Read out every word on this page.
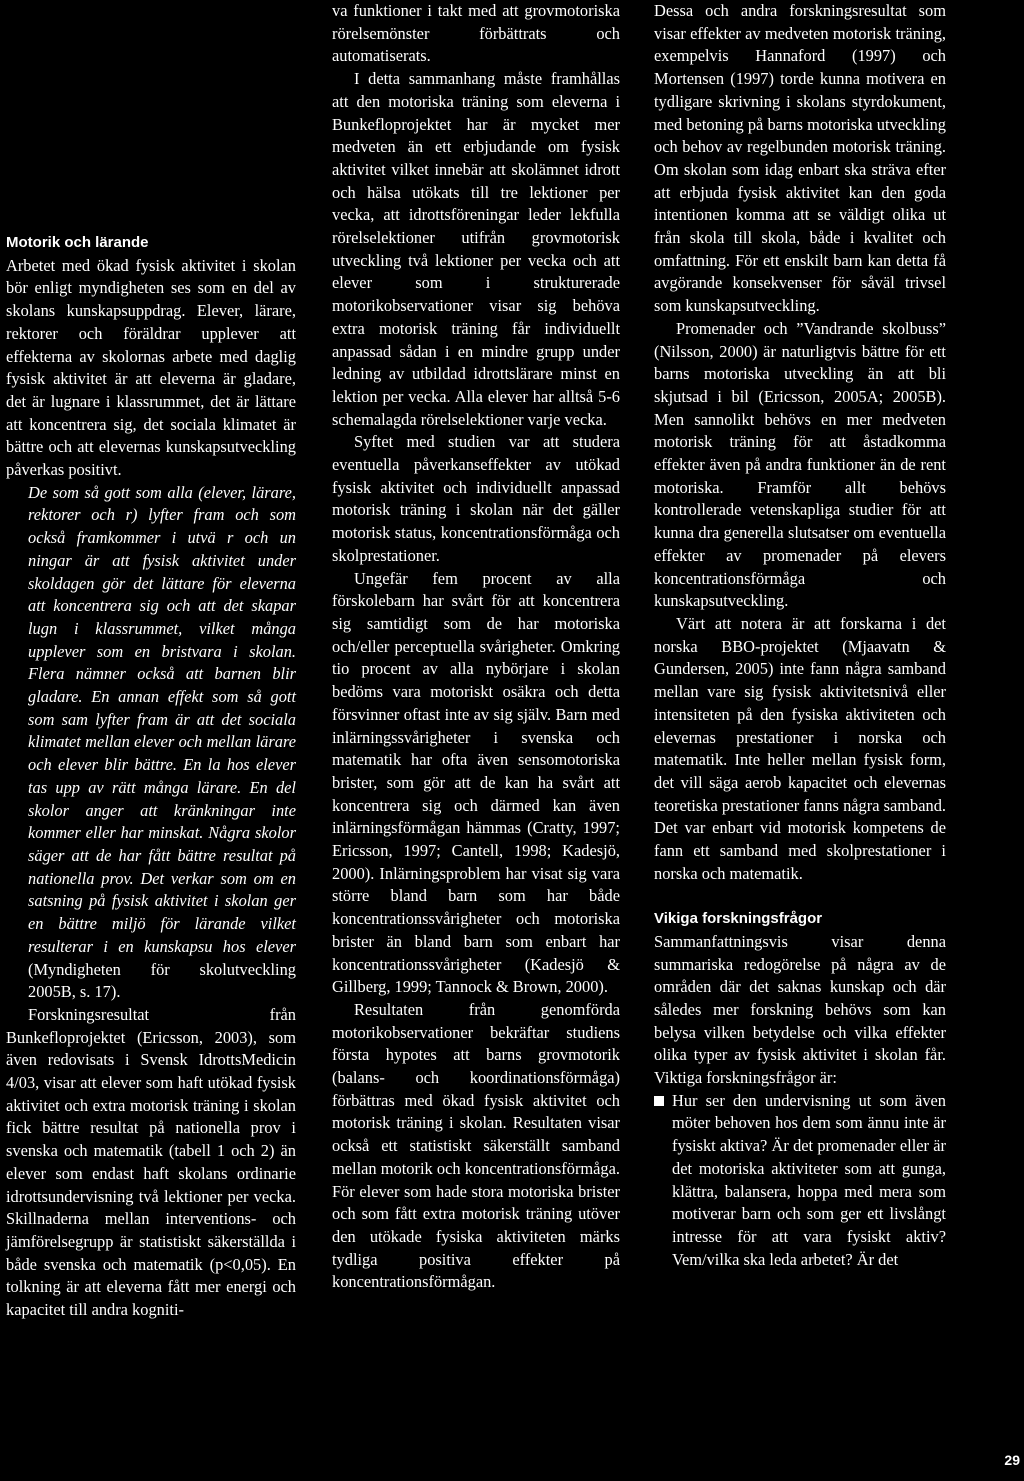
Motorik och lärande

Arbetet med ökad fysisk aktivitet i skolan bör enligt myndigheten ses som en del av skolans kunskapsuppdrag. Elever, lärare, rektorer och föräldrar upplever att effekterna av skolornas arbete med daglig fysisk aktivitet är att eleverna är gladare, det är lugnare i klassrummet, det är lättare att koncentrera sig, det sociala klimatet är bättre och att elevernas kunskapsutveckling påverkas positivt.

De som så gott som alla (elever, lärare, rektorer och r) lyfter fram och som också framkommer i utvä r och un ningar är att fysisk aktivitet under skoldagen gör det lättare för eleverna att koncentrera sig och att det skapar lugn i klassrummet, vilket många upplever som en bristvara i skolan. Flera nämner också att barnen blir gladare. En annan effekt som så gott som sam lyfter fram är att det sociala klimatet mellan elever och mellan lärare och elever blir bättre. En la hos elever tas upp av rätt många lärare. En del skolor anger att kränkningar inte kommer eller har minskat. Några skolor säger att de har fått bättre resultat på nationella prov. Det verkar som om en satsning på fysisk aktivitet i skolan ger en bättre miljö för lärande vilket resulterar i en kunskapsu hos elever (Myndigheten för skolutveckling 2005B, s. 17).

Forskningsresultat från Bunkefloprojektet (Ericsson, 2003), som även redovisats i Svensk IdrottsMedicin 4/03, visar att elever som haft utökad fysisk aktivitet och extra motorisk träning i skolan fick bättre resultat på nationella prov i svenska och matematik (tabell 1 och 2) än elever som endast haft skolans ordinarie idrottsundervisning två lektioner per vecka. Skillnaderna mellan interventions- och jämförelsegrupp är statistiskt säkerställda i både svenska och matematik (p<0,05). En tolkning är att eleverna fått mer energi och kapacitet till andra kogniti-

va funktioner i takt med att grovmotoriska rörelsemönster förbättrats och automatiserats.

I detta sammanhang måste framhållas att den motoriska träning som eleverna i Bunkefloprojektet har är mycket mer medveten än ett erbjudande om fysisk aktivitet vilket innebär att skolämnet idrott och hälsa utökats till tre lektioner per vecka, att idrottsföreningar leder lekfulla rörelselektioner utifrån grovmotorisk utveckling två lektioner per vecka och att elever som i strukturerade motorikobservationer visar sig behöva extra motorisk träning får individuellt anpassad sådan i en mindre grupp under ledning av utbildad idrottslärare minst en lektion per vecka. Alla elever har alltså 5-6 schemalagda rörelselektioner varje vecka.

Syftet med studien var att studera eventuella påverkanseffekter av utökad fysisk aktivitet och individuellt anpassad motorisk träning i skolan när det gäller motorisk status, koncentrationsförmåga och skolprestationer.

Ungefär fem procent av alla förskolebarn har svårt för att koncentrera sig samtidigt som de har motoriska och/eller perceptuella svårigheter. Omkring tio procent av alla nybörjare i skolan bedöms vara motoriskt osäkra och detta försvinner oftast inte av sig själv. Barn med inlärningssvårigheter i svenska och matematik har ofta även sensomotoriska brister, som gör att de kan ha svårt att koncentrera sig och därmed kan även inlärningsförmågan hämmas (Cratty, 1997; Ericsson, 1997; Cantell, 1998; Kadesjö, 2000). Inlärningsproblem har visat sig vara större bland barn som har både koncentrationssvårigheter och motoriska brister än bland barn som enbart har koncentrationssvårigheter (Kadesjö & Gillberg, 1999; Tannock & Brown, 2000).

Resultaten från genomförda motorikobservationer bekräftar studiens första hypotes att barns grovmotorik (balans- och koordinationsförmåga) förbättras med ökad fysisk aktivitet och motorisk träning i skolan. Resultaten visar också ett statistiskt säkerställt samband mellan motorik och koncentrationsförmåga. För elever som hade stora motoriska brister och som fått extra motorisk träning utöver den utökade fysiska aktiviteten märks tydliga positiva effekter på koncentrationsförmågan.

Dessa och andra forskningsresultat som visar effekter av medveten motorisk träning, exempelvis Hannaford (1997) och Mortensen (1997) torde kunna motivera en tydligare skrivning i skolans styrdokument, med betoning på barns motoriska utveckling och behov av regelbunden motorisk träning. Om skolan som idag enbart ska sträva efter att erbjuda fysisk aktivitet kan den goda intentionen komma att se väldigt olika ut från skola till skola, både i kvalitet och omfattning. För ett enskilt barn kan detta få avgörande konsekvenser för såväl trivsel som kunskapsutveckling.

Promenader och ”Vandrande skolbuss” (Nilsson, 2000) är naturligtvis bättre för ett barns motoriska utveckling än att bli skjutsad i bil (Ericsson, 2005A; 2005B). Men sannolikt behövs en mer medveten motorisk träning för att åstadkomma effekter även på andra funktioner än de rent motoriska. Framför allt behövs kontrollerade vetenskapliga studier för att kunna dra generella slutsatser om eventuella effekter av promenader på elevers koncentrationsförmåga och kunskapsutveckling.

Värt att notera är att forskarna i det norska BBO-projektet (Mjaavatn & Gundersen, 2005) inte fann några samband mellan vare sig fysisk aktivitetsnivå eller intensiteten på den fysiska aktiviteten och elevernas prestationer i norska och matematik. Inte heller mellan fysisk form, det vill säga aerob kapacitet och elevernas teoretiska prestationer fanns några samband. Det var enbart vid motorisk kompetens de fann ett samband med skolprestationer i norska och matematik.

Vikiga forskningsfrågor

Sammanfattningsvis visar denna summariska redogörelse på några av de områden där det saknas kunskap och där således mer forskning behövs som kan belysa vilken betydelse och vilka effekter olika typer av fysisk aktivitet i skolan får. Viktiga forskningsfrågor är:

Hur ser den undervisning ut som även möter behoven hos dem som ännu inte är fysiskt aktiva? Är det promenader eller är det motoriska aktiviteter som att gunga, klättra, balansera, hoppa med mera som motiverar barn och som ger ett livslångt intresse för att vara fysiskt aktiv? Vem/vilka ska leda arbetet? Är det
29
